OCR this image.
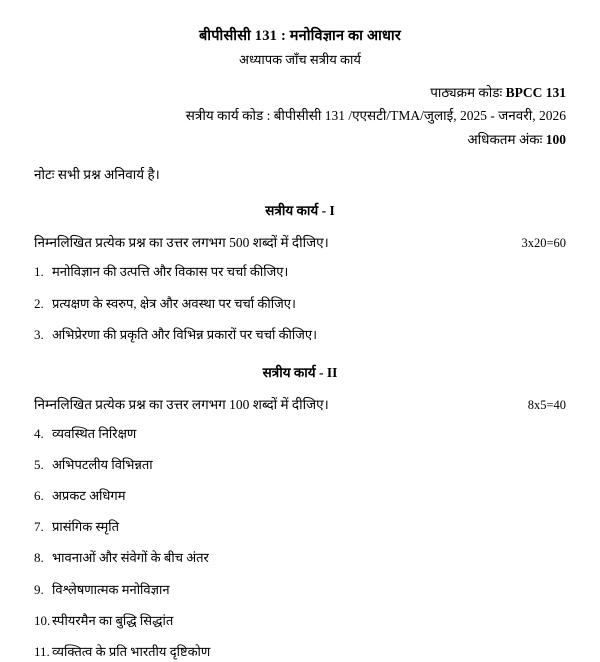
बीपीसीसी 131 : मनोविज्ञान का आधार
अध्यापक जाँच सत्रीय कार्य
पाठ्यक्रम कोडः BPCC 131
सत्रीय कार्य कोड : बीपीसीसी 131 /एएसटी/TMA/जुलाई, 2025 - जनवरी, 2026
अधिकतम अंकः 100
नोटः सभी प्रश्न अनिवार्य है।
सत्रीय कार्य - I
निम्नलिखित प्रत्येक प्रश्न का उत्तर लगभग 500 शब्दों में दीजिए।	3x20=60
1. मनोविज्ञान की उत्पत्ति और विकास पर चर्चा कीजिए।
2. प्रत्यक्षण के स्वरुप, क्षेत्र और अवस्था पर चर्चा कीजिए।
3. अभिप्रेरणा की प्रकृति और विभिन्न प्रकारों पर चर्चा कीजिए।
सत्रीय कार्य - II
निम्नलिखित प्रत्येक प्रश्न का उत्तर लगभग 100 शब्दों में दीजिए।	8x5=40
4. व्यवस्थित निरिक्षण
5. अभिपटलीय विभिन्नता
6. अप्रकट अधिगम
7. प्रासंगिक स्मृति
8. भावनाओं और संवेगों के बीच अंतर
9. विश्लेषणात्मक मनोविज्ञान
10. स्पीयरमैन का बुद्धि सिद्धांत
11. व्यक्तित्व के प्रति भारतीय दृष्टिकोण
